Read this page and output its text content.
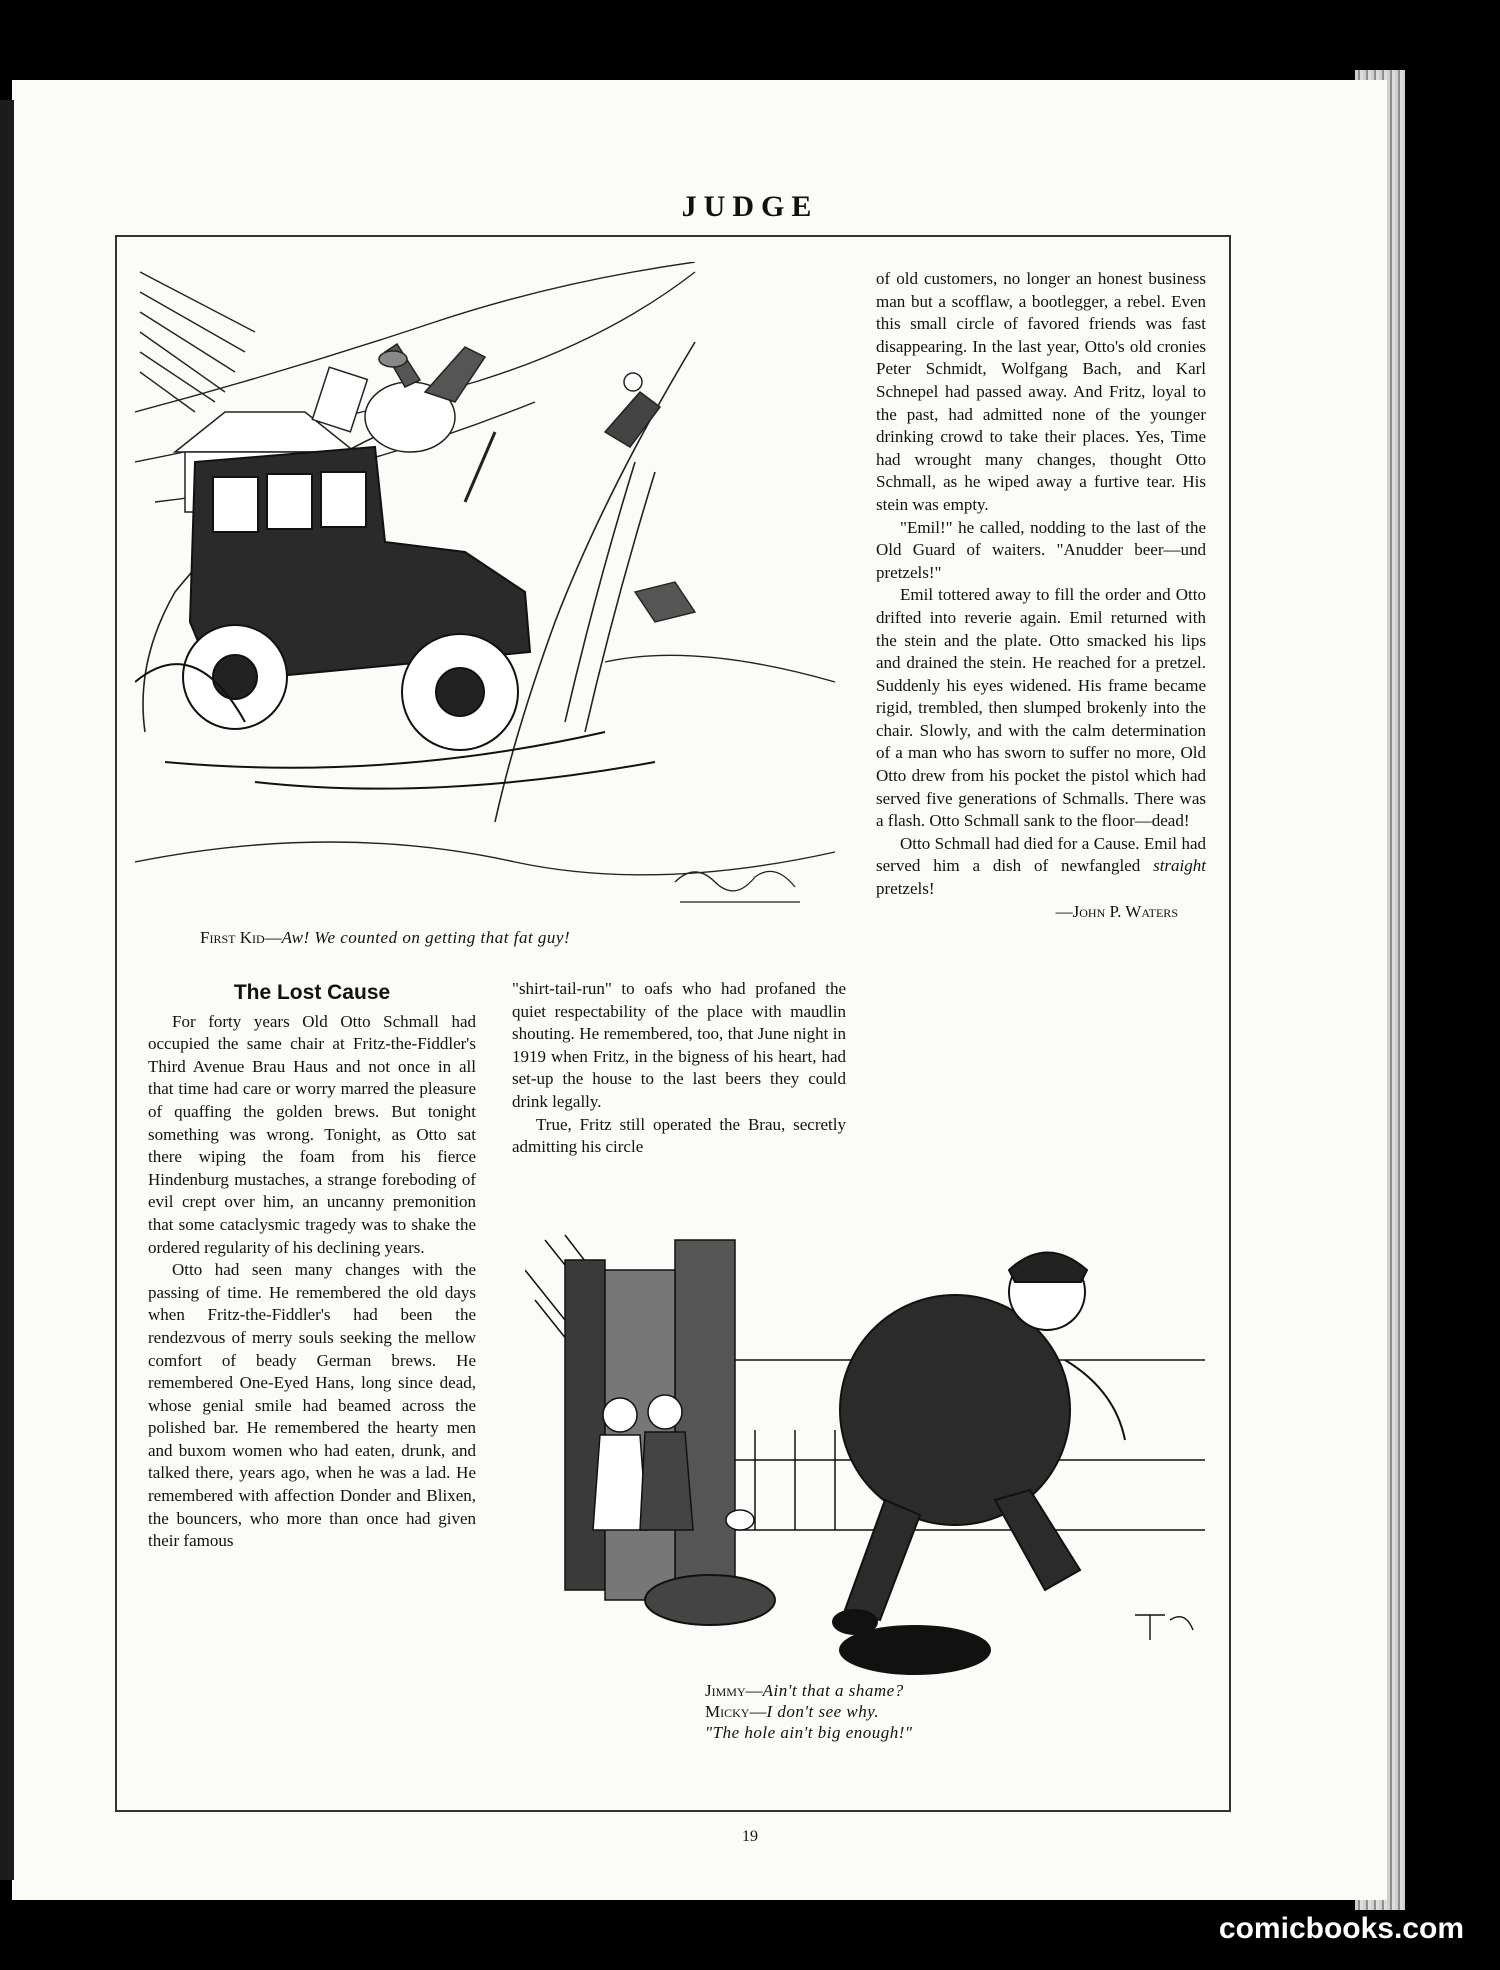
JUDGE
First Kid—Aw! We counted on getting that fat guy!
The Lost Cause

For forty years Old Otto Schmall had occupied the same chair at Fritz-the-Fiddler's Third Avenue Brau Haus and not once in all that time had care or worry marred the pleasure of quaffing the golden brews. But tonight something was wrong. Tonight, as Otto sat there wiping the foam from his fierce Hindenburg mustaches, a strange foreboding of evil crept over him, an uncanny premonition that some cataclysmic tragedy was to shake the ordered regularity of his declining years.

Otto had seen many changes with the passing of time. He remembered the old days when Fritz-the-Fiddler's had been the rendezvous of merry souls seeking the mellow comfort of beady German brews. He remembered One-Eyed Hans, long since dead, whose genial smile had beamed across the polished bar. He remembered the hearty men and buxom women who had eaten, drunk, and talked there, years ago, when he was a lad. He remembered with affection Donder and Blixen, the bouncers, who more than once had given their famous

"shirt-tail-run" to oafs who had profaned the quiet respectability of the place with maudlin shouting. He remembered, too, that June night in 1919 when Fritz, in the bigness of his heart, had set-up the house to the last beers they could drink legally.

True, Fritz still operated the Brau, secretly admitting his circle

of old customers, no longer an honest business man but a scofflaw, a bootlegger, a rebel. Even this small circle of favored friends was fast disappearing. In the last year, Otto's old cronies Peter Schmidt, Wolfgang Bach, and Karl Schnepel had passed away. And Fritz, loyal to the past, had admitted none of the younger drinking crowd to take their places. Yes, Time had wrought many changes, thought Otto Schmall, as he wiped away a furtive tear. His stein was empty.

"Emil!" he called, nodding to the last of the Old Guard of waiters. "Anudder beer—und pretzels!"

Emil tottered away to fill the order and Otto drifted into reverie again. Emil returned with the stein and the plate. Otto smacked his lips and drained the stein. He reached for a pretzel. Suddenly his eyes widened. His frame became rigid, trembled, then slumped brokenly into the chair. Slowly, and with the calm determination of a man who has sworn to suffer no more, Old Otto drew from his pocket the pistol which had served five generations of Schmalls. There was a flash. Otto Schmall sank to the floor—dead!

Otto Schmall had died for a Cause. Emil had served him a dish of newfangled straight pretzels!

—John P. Waters
Jimmy—Ain't that a shame?
Micky—I don't see why.
"The hole ain't big enough!"
19
comicbooks.com
